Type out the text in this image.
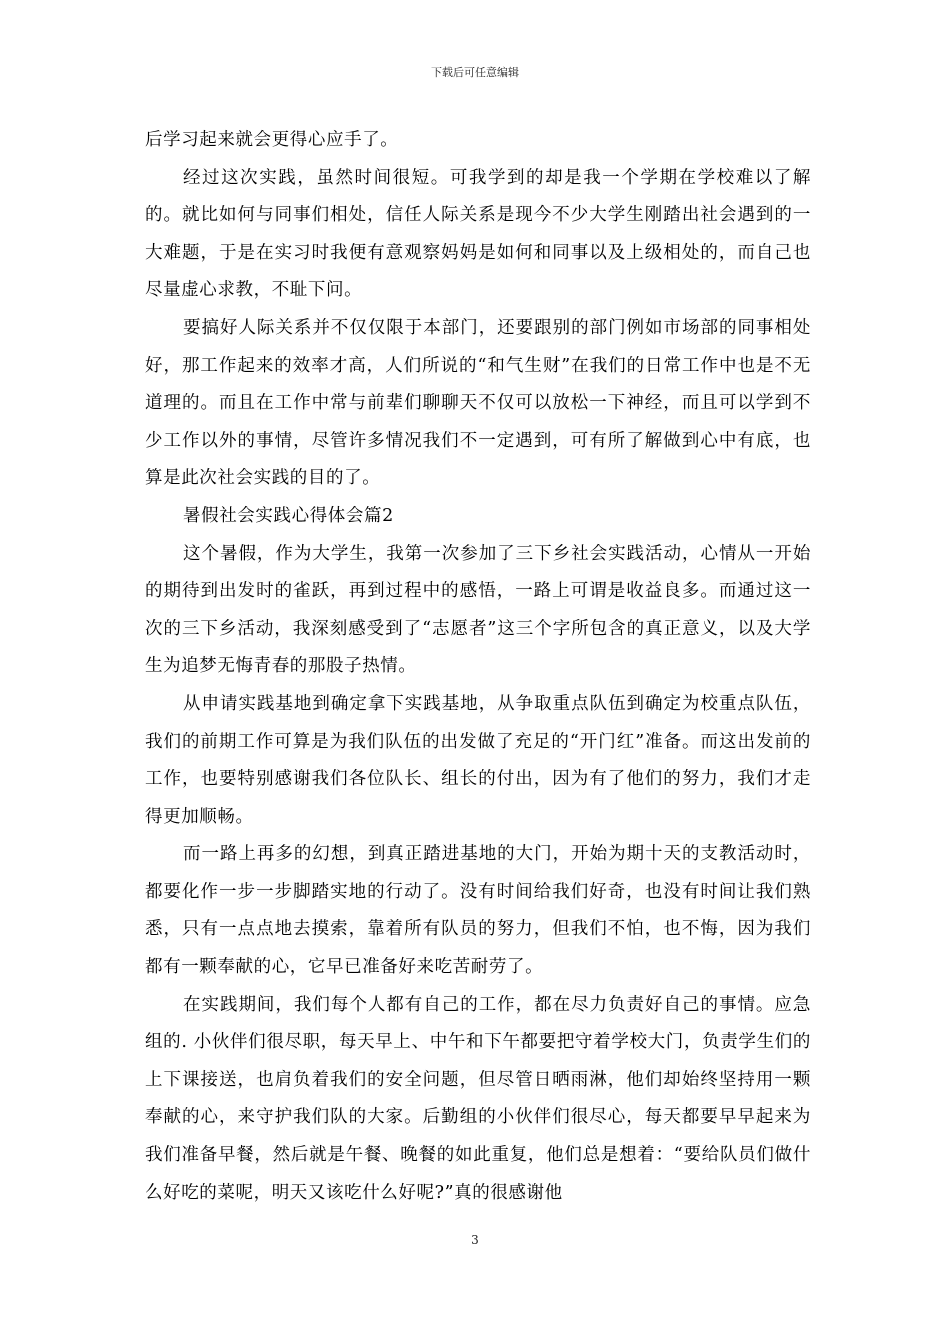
下载后可任意编辑

后学习起来就会更得心应手了。

经过这次实践，虽然时间很短。可我学到的却是我一个学期在学校难以了解的。就比如何与同事们相处，信任人际关系是现今不少大学生刚踏出社会遇到的一大难题，于是在实习时我便有意观察妈妈是如何和同事以及上级相处的，而自己也尽量虚心求教，不耻下问。

要搞好人际关系并不仅仅限于本部门，还要跟别的部门例如市场部的同事相处好，那工作起来的效率才高，人们所说的“和气生财”在我们的日常工作中也是不无道理的。而且在工作中常与前辈们聊聊天不仅可以放松一下神经，而且可以学到不少工作以外的事情，尽管许多情况我们不一定遇到，可有所了解做到心中有底，也算是此次社会实践的目的了。

暑假社会实践心得体会篇2

这个暑假，作为大学生，我第一次参加了三下乡社会实践活动，心情从一开始的期待到出发时的雀跃，再到过程中的感悟，一路上可谓是收益良多。而通过这一次的三下乡活动，我深刻感受到了“志愿者”这三个字所包含的真正意义，以及大学生为追梦无悔青春的那股子热情。

从申请实践基地到确定拿下实践基地，从争取重点队伍到确定为校重点队伍，我们的前期工作可算是为我们队伍的出发做了充足的“开门红”准备。而这出发前的工作，也要特别感谢我们各位队长、组长的付出，因为有了他们的努力，我们才走得更加顺畅。

而一路上再多的幻想，到真正踏进基地的大门，开始为期十天的支教活动时，都要化作一步一步脚踏实地的行动了。没有时间给我们好奇，也没有时间让我们熟悉，只有一点点地去摸索，靠着所有队员的努力，但我们不怕，也不悔，因为我们都有一颗奉献的心，它早已准备好来吃苦耐劳了。

在实践期间，我们每个人都有自己的工作，都在尽力负责好自己的事情。应急组的. 小伙伴们很尽职，每天早上、中午和下午都要把守着学校大门，负责学生们的上下课接送，也肩负着我们的安全问题，但尽管日晒雨淋，他们却始终坚持用一颗奉献的心，来守护我们队的大家。后勤组的小伙伴们很尽心，每天都要早早起来为我们准备早餐，然后就是午餐、晚餐的如此重复，他们总是想着：“要给队员们做什么好吃的菜呢，明天又该吃什么好呢?”真的很感谢他

3
